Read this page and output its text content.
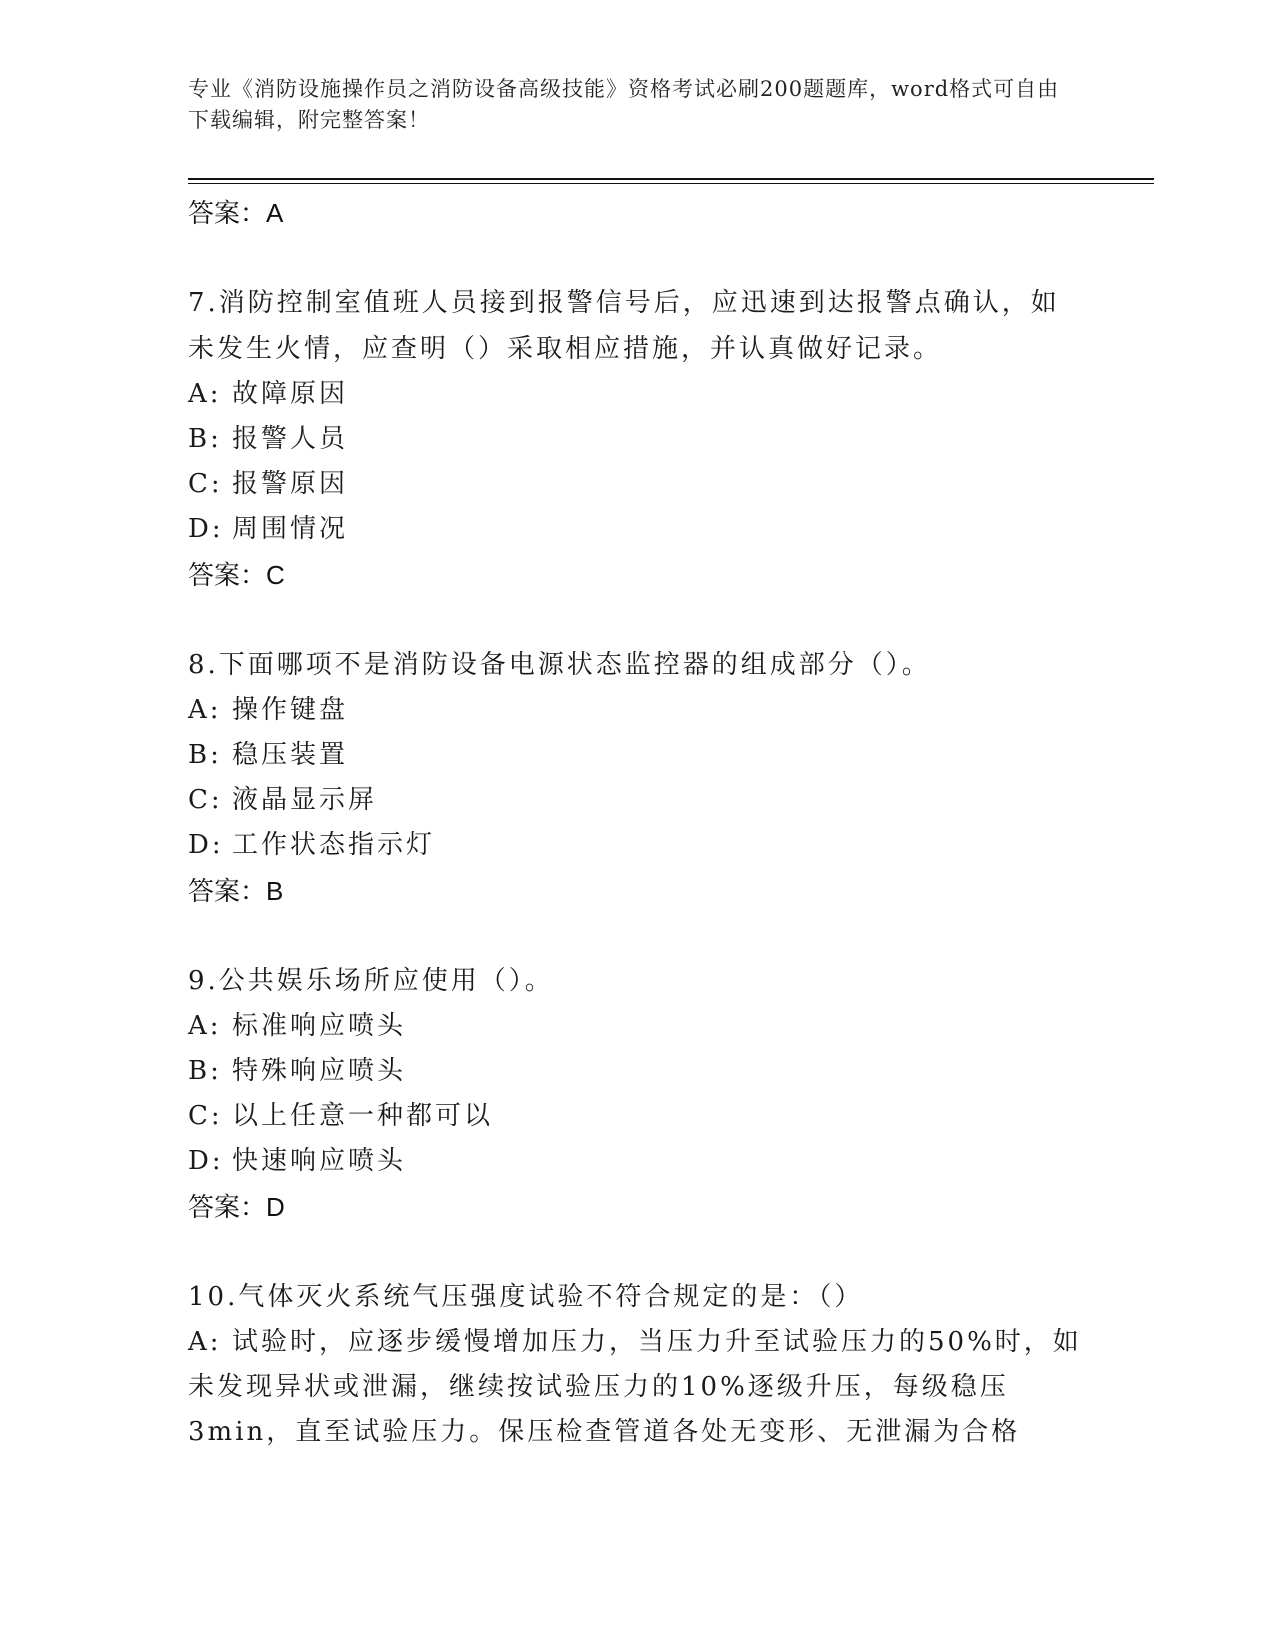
专业《消防设施操作员之消防设备高级技能》资格考试必刷200题题库，word格式可自由下载编辑，附完整答案！
答案：A
7.消防控制室值班人员接到报警信号后，应迅速到达报警点确认，如未发生火情，应查明（）采取相应措施，并认真做好记录。
A: 故障原因
B: 报警人员
C: 报警原因
D: 周围情况
答案：C
8.下面哪项不是消防设备电源状态监控器的组成部分（）。
A: 操作键盘
B: 稳压装置
C: 液晶显示屏
D: 工作状态指示灯
答案：B
9.公共娱乐场所应使用（）。
A: 标准响应喷头
B: 特殊响应喷头
C: 以上任意一种都可以
D: 快速响应喷头
答案：D
10.气体灭火系统气压强度试验不符合规定的是：（）
A: 试验时，应逐步缓慢增加压力，当压力升至试验压力的50%时，如未发现异状或泄漏，继续按试验压力的10%逐级升压，每级稳压3min，直至试验压力。保压检查管道各处无变形、无泄漏为合格
